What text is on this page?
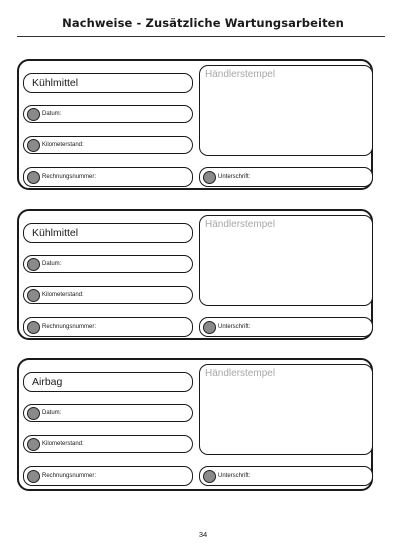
Nachweise - Zusätzliche Wartungsarbeiten
Kühlmittel
Datum:
Kilometerstand:
Rechnungsnummer:
Händlerstempel
Unterschrift:
Kühlmittel
Datum:
Kilometerstand:
Rechnungsnummer:
Händlerstempel
Unterschrift:
Airbag
Datum:
Kilometerstand:
Rechnungsnummer:
Händlerstempel
Unterschrift:
34
